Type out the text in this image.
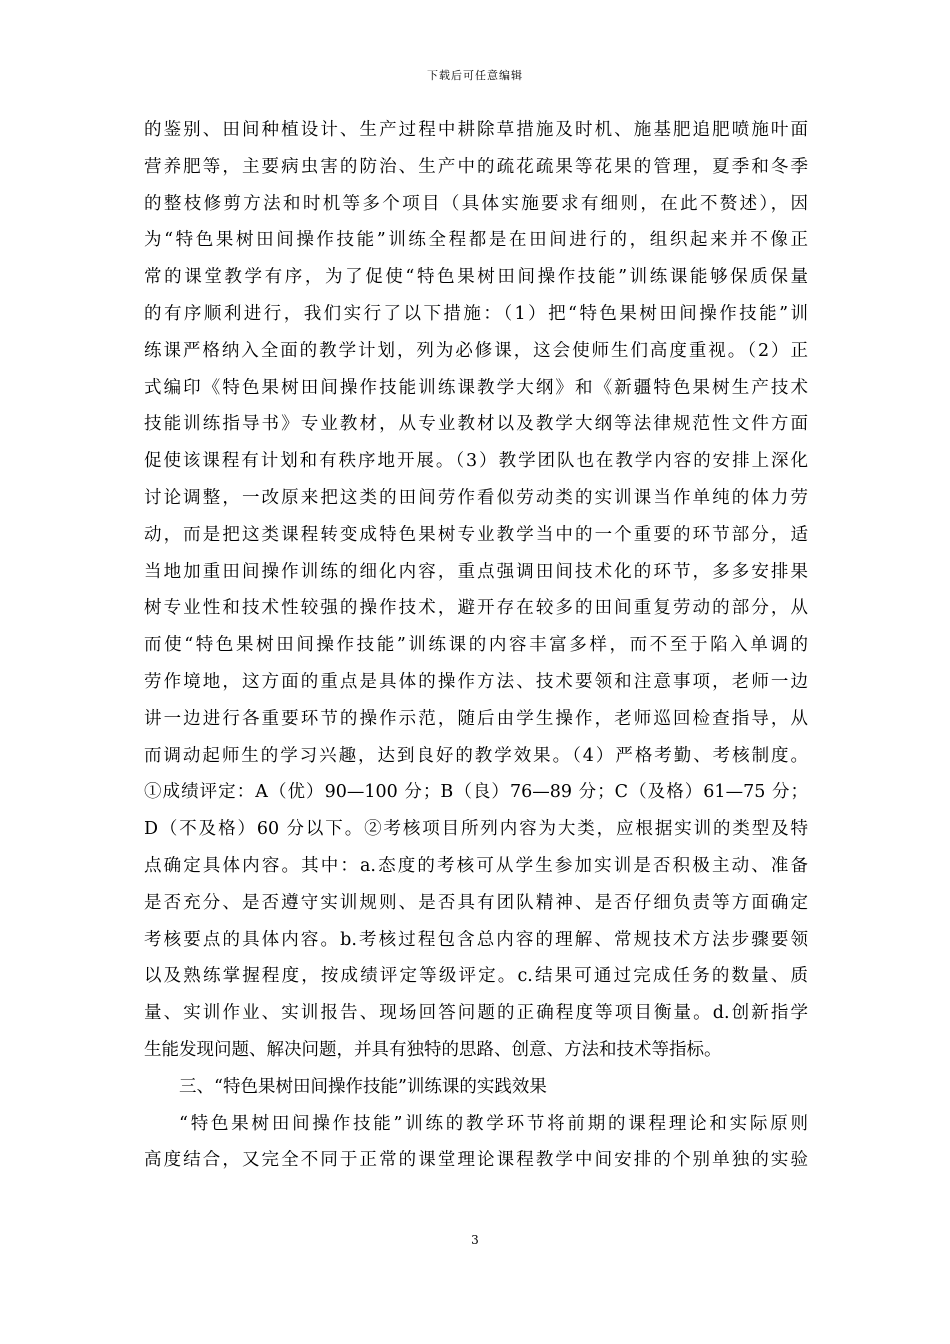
下载后可任意编辑
的鉴别、田间种植设计、生产过程中耕除草措施及时机、施基肥追肥喷施叶面
营养肥等，主要病虫害的防治、生产中的疏花疏果等花果的管理，夏季和冬季
的整枝修剪方法和时机等多个项目（具体实施要求有细则，在此不赘述），因
为“特色果树田间操作技能”训练全程都是在田间进行的，组织起来并不像正
常的课堂教学有序，为了促使“特色果树田间操作技能”训练课能够保质保量
的有序顺利进行，我们实行了以下措施：（1）把“特色果树田间操作技能”训
练课严格纳入全面的教学计划，列为必修课，这会使师生们高度重视。（2）正
式编印《特色果树田间操作技能训练课教学大纲》和《新疆特色果树生产技术
技能训练指导书》专业教材，从专业教材以及教学大纲等法律规范性文件方面
促使该课程有计划和有秩序地开展。（3）教学团队也在教学内容的安排上深化
讨论调整，一改原来把这类的田间劳作看似劳动类的实训课当作单纯的体力劳
动，而是把这类课程转变成特色果树专业教学当中的一个重要的环节部分，适
当地加重田间操作训练的细化内容，重点强调田间技术化的环节，多多安排果
树专业性和技术性较强的操作技术，避开存在较多的田间重复劳动的部分，从
而使“特色果树田间操作技能”训练课的内容丰富多样，而不至于陷入单调的
劳作境地，这方面的重点是具体的操作方法、技术要领和注意事项，老师一边
讲一边进行各重要环节的操作示范，随后由学生操作，老师巡回检查指导，从
而调动起师生的学习兴趣，达到良好的教学效果。（4）严格考勤、考核制度。
①成绩评定：A（优）90—100 分；B（良）76—89 分；C（及格）61—75 分；
D（不及格）60 分以下。②考核项目所列内容为大类，应根据实训的类型及特
点确定具体内容。其中：a.态度的考核可从学生参加实训是否积极主动、准备
是否充分、是否遵守实训规则、是否具有团队精神、是否仔细负责等方面确定
考核要点的具体内容。b.考核过程包含总内容的理解、常规技术方法步骤要领
以及熟练掌握程度，按成绩评定等级评定。c.结果可通过完成任务的数量、质
量、实训作业、实训报告、现场回答问题的正确程度等项目衡量。d.创新指学
生能发现问题、解决问题，并具有独特的思路、创意、方法和技术等指标。
三、“特色果树田间操作技能”训练课的实践效果
“特色果树田间操作技能”训练的教学环节将前期的课程理论和实际原则
高度结合，又完全不同于正常的课堂理论课程教学中间安排的个别单独的实验
3
